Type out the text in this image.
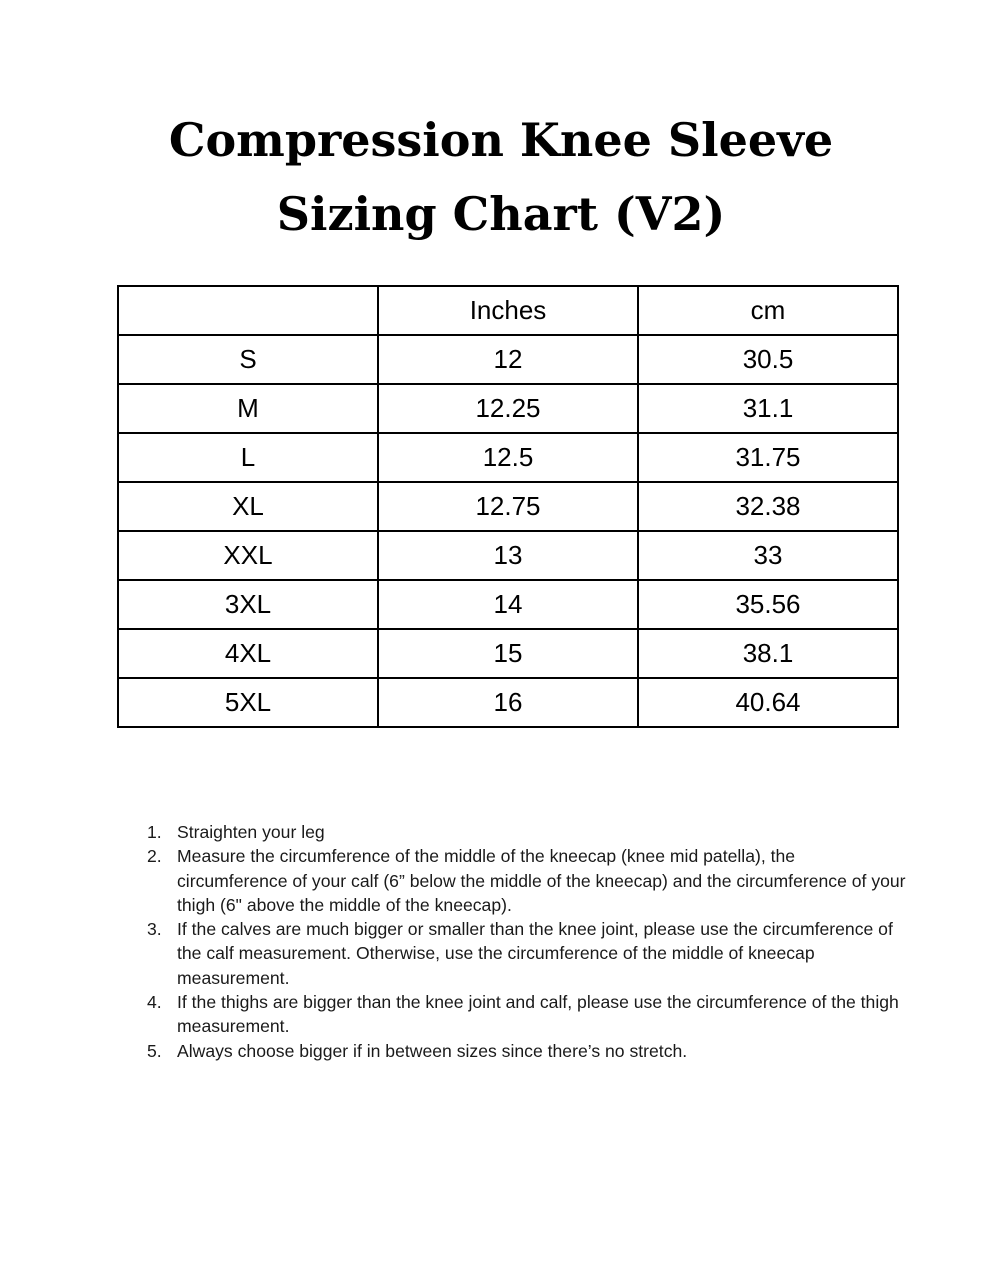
Compression Knee Sleeve
Sizing Chart (V2)
	Inches	cm
S	12	30.5
M	12.25	31.1
L	12.5	31.75
XL	12.75	32.38
XXL	13	33
3XL	14	35.56
4XL	15	38.1
5XL	16	40.64
1. Straighten your leg
2. Measure the circumference of the middle of the kneecap (knee mid patella), the circumference of your calf (6” below the middle of the kneecap) and the circumference of your thigh (6" above the middle of the kneecap).
3. If the calves are much bigger or smaller than the knee joint, please use the circumference of the calf measurement. Otherwise, use the circumference of the middle of kneecap measurement.
4. If the thighs are bigger than the knee joint and calf, please use the circumference of the thigh measurement.
5. Always choose bigger if in between sizes since there’s no stretch.
